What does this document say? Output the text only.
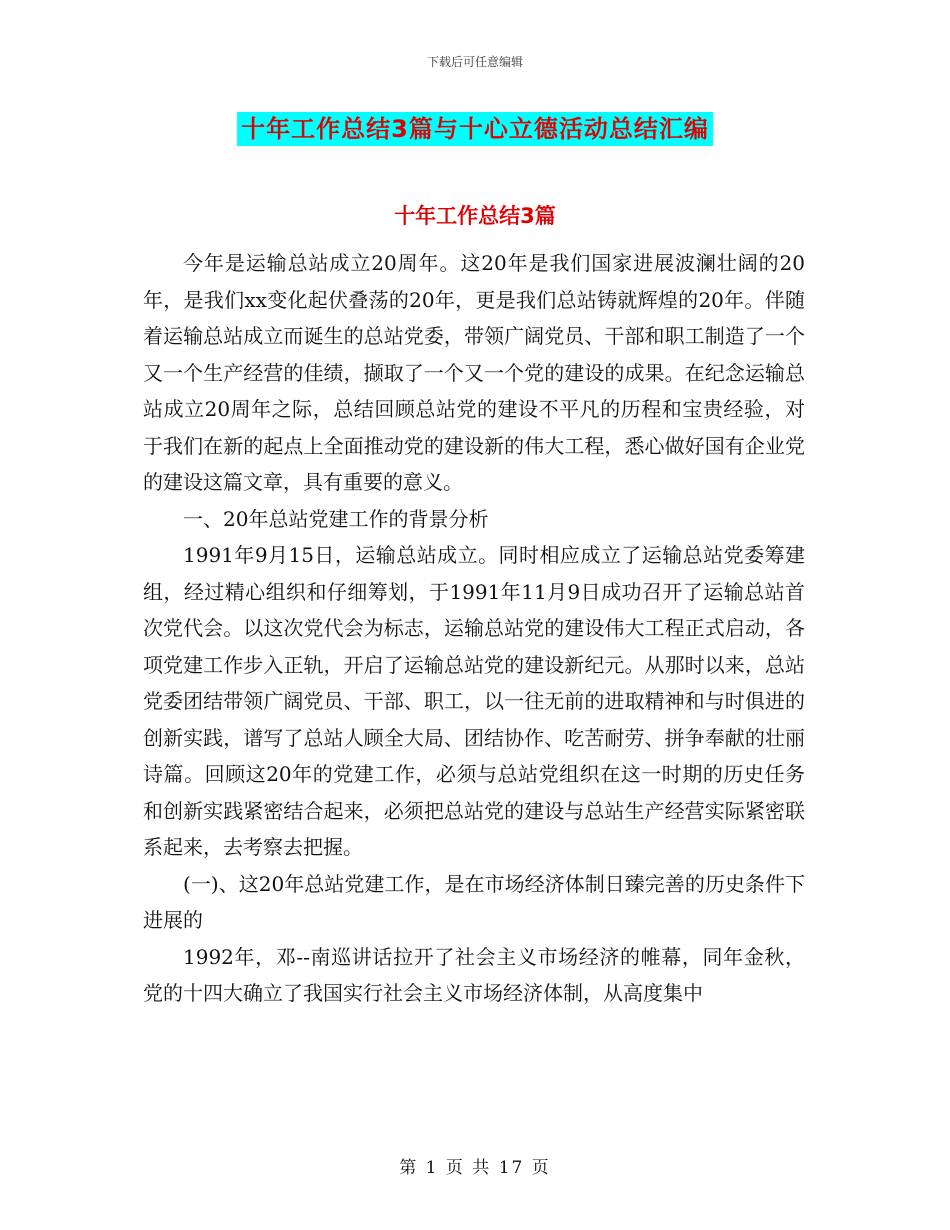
下载后可任意编辑
十年工作总结3篇与十心立德活动总结汇编
十年工作总结3篇

今年是运输总站成立20周年。这20年是我们国家进展波澜壮阔的20年，是我们xx变化起伏叠荡的20年，更是我们总站铸就辉煌的20年。伴随着运输总站成立而诞生的总站党委，带领广阔党员、干部和职工制造了一个又一个生产经营的佳绩，撷取了一个又一个党的建设的成果。在纪念运输总站成立20周年之际，总结回顾总站党的建设不平凡的历程和宝贵经验，对于我们在新的起点上全面推动党的建设新的伟大工程，悉心做好国有企业党的建设这篇文章，具有重要的意义。

一、20年总站党建工作的背景分析

1991年9月15日，运输总站成立。同时相应成立了运输总站党委筹建组，经过精心组织和仔细筹划，于1991年11月9日成功召开了运输总站首次党代会。以这次党代会为标志，运输总站党的建设伟大工程正式启动，各项党建工作步入正轨，开启了运输总站党的建设新纪元。从那时以来，总站党委团结带领广阔党员、干部、职工，以一往无前的进取精神和与时俱进的创新实践，谱写了总站人顾全大局、团结协作、吃苦耐劳、拼争奉献的壮丽诗篇。回顾这20年的党建工作，必须与总站党组织在这一时期的历史任务和创新实践紧密结合起来，必须把总站党的建设与总站生产经营实际紧密联系起来，去考察去把握。

(一)、这20年总站党建工作，是在市场经济体制日臻完善的历史条件下进展的

1992年，邓--南巡讲话拉开了社会主义市场经济的帷幕，同年金秋，党的十四大确立了我国实行社会主义市场经济体制，从高度集中

第 1 页 共 17 页
